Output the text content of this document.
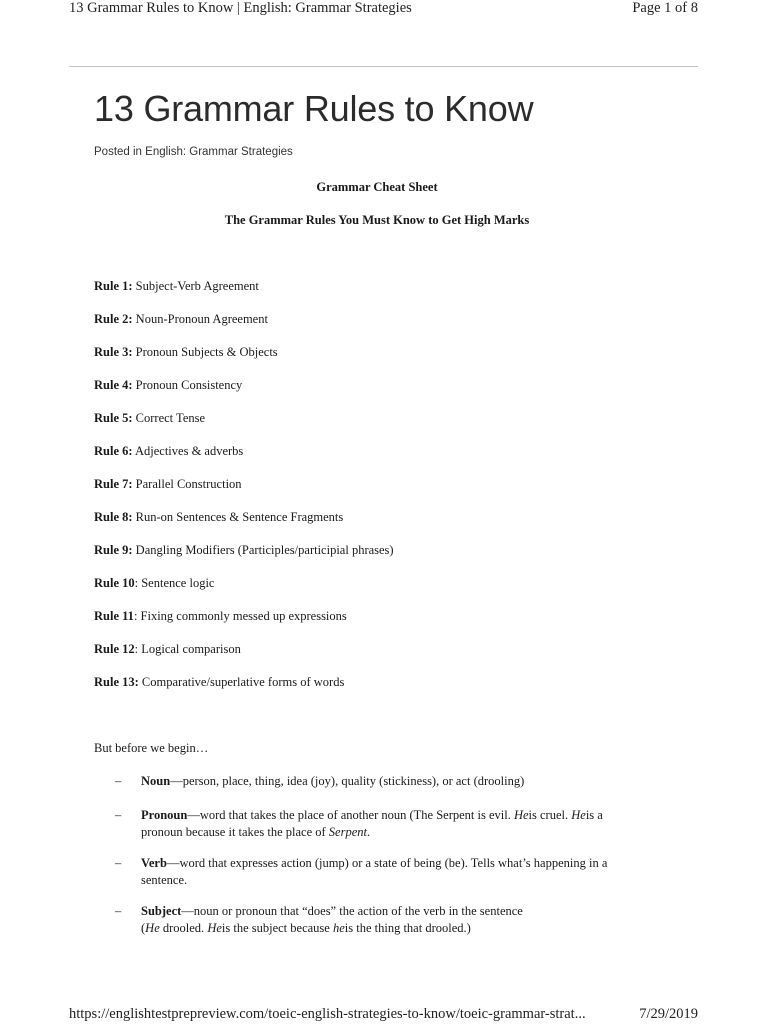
13 Grammar Rules to Know | English: Grammar Strategies	Page 1 of 8
13 Grammar Rules to Know
Posted in English: Grammar Strategies
Grammar Cheat Sheet
The Grammar Rules You Must Know to Get High Marks
Rule 1: Subject-Verb Agreement
Rule 2: Noun-Pronoun Agreement
Rule 3: Pronoun Subjects & Objects
Rule 4: Pronoun Consistency
Rule 5: Correct Tense
Rule 6: Adjectives & adverbs
Rule 7: Parallel Construction
Rule 8: Run-on Sentences & Sentence Fragments
Rule 9: Dangling Modifiers (Participles/participial phrases)
Rule 10: Sentence logic
Rule 11: Fixing commonly messed up expressions
Rule 12: Logical comparison
Rule 13: Comparative/superlative forms of words
But before we begin…
– Noun—person, place, thing, idea (joy), quality (stickiness), or act (drooling)
– Pronoun—word that takes the place of another noun (The Serpent is evil. Heis cruel. Heis a
pronoun because it takes the place of Serpent.
– Verb—word that expresses action (jump) or a state of being (be). Tells what’s happening in a
sentence.
– Subject—noun or pronoun that “does” the action of the verb in the sentence
(He drooled. Heis the subject because heis the thing that drooled.)
https://englishtestprepreview.com/toeic-english-strategies-to-know/toeic-grammar-strat...	7/29/2019
